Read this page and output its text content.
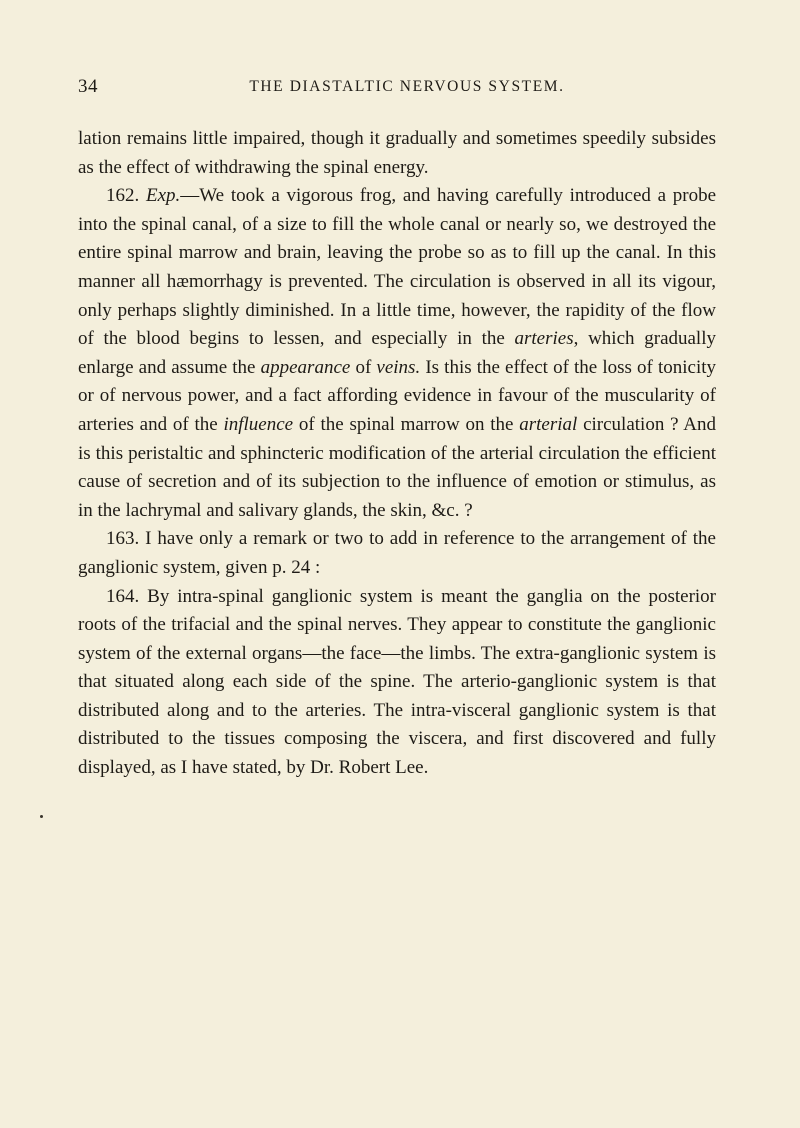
34	THE DIASTALTIC NERVOUS SYSTEM.

lation remains little impaired, though it gradually and sometimes speedily subsides as the effect of withdrawing the spinal energy.

162. Exp.—We took a vigorous frog, and having carefully introduced a probe into the spinal canal, of a size to fill the whole canal or nearly so, we destroyed the entire spinal marrow and brain, leaving the probe so as to fill up the canal. In this manner all hæmorrhagy is prevented. The circulation is observed in all its vigour, only perhaps slightly diminished. In a little time, however, the rapidity of the flow of the blood begins to lessen, and especially in the arteries, which gradually enlarge and assume the appearance of veins. Is this the effect of the loss of tonicity or of nervous power, and a fact affording evidence in favour of the muscularity of arteries and of the influence of the spinal marrow on the arterial circulation ? And is this peristaltic and sphincteric modification of the arterial circulation the efficient cause of secretion and of its subjection to the influence of emotion or stimulus, as in the lachrymal and salivary glands, the skin, &c. ?

163. I have only a remark or two to add in reference to the arrangement of the ganglionic system, given p. 24 :

164. By intra-spinal ganglionic system is meant the ganglia on the posterior roots of the trifacial and the spinal nerves. They appear to constitute the ganglionic system of the external organs—the face—the limbs. The extra-ganglionic system is that situated along each side of the spine. The arterio-ganglionic system is that distributed along and to the arteries. The intra-visceral ganglionic system is that distributed to the tissues composing the viscera, and first discovered and fully displayed, as I have stated, by Dr. Robert Lee.
